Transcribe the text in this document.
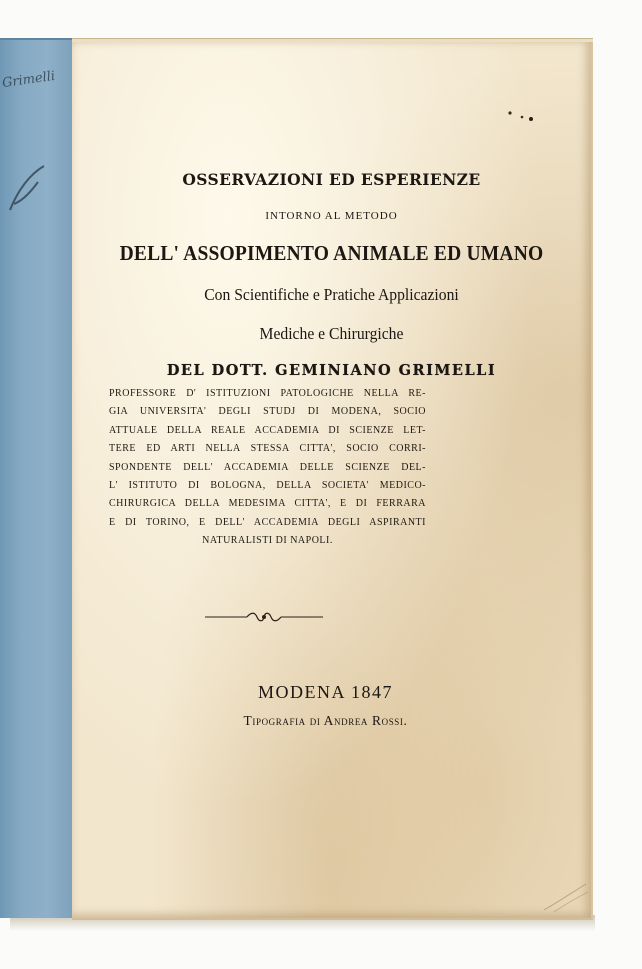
Grimelli
OSSERVAZIONI ED ESPERIENZE
INTORNO AL METODO
DELL' ASSOPIMENTO ANIMALE ED UMANO
Con Scientifiche e Pratiche Applicazioni
Mediche e Chirurgiche
DEL DOTT. GEMINIANO GRIMELLI
PROFESSORE D' ISTITUZIONI PATOLOGICHE NELLA RE-
GIA UNIVERSITA' DEGLI STUDJ DI MODENA, SOCIO
ATTUALE DELLA REALE ACCADEMIA DI SCIENZE LET-
TERE ED ARTI NELLA STESSA CITTA', SOCIO CORRI-
SPONDENTE DELL' ACCADEMIA DELLE SCIENZE DEL-
L' ISTITUTO DI BOLOGNA, DELLA SOCIETA' MEDICO-
CHIRURGICA DELLA MEDESIMA CITTA', E DI FERRARA
E DI TORINO, E DELL' ACCADEMIA DEGLI ASPIRANTI
NATURALISTI DI NAPOLI.
MODENA 1847
Tipografia di Andrea Rossi.
